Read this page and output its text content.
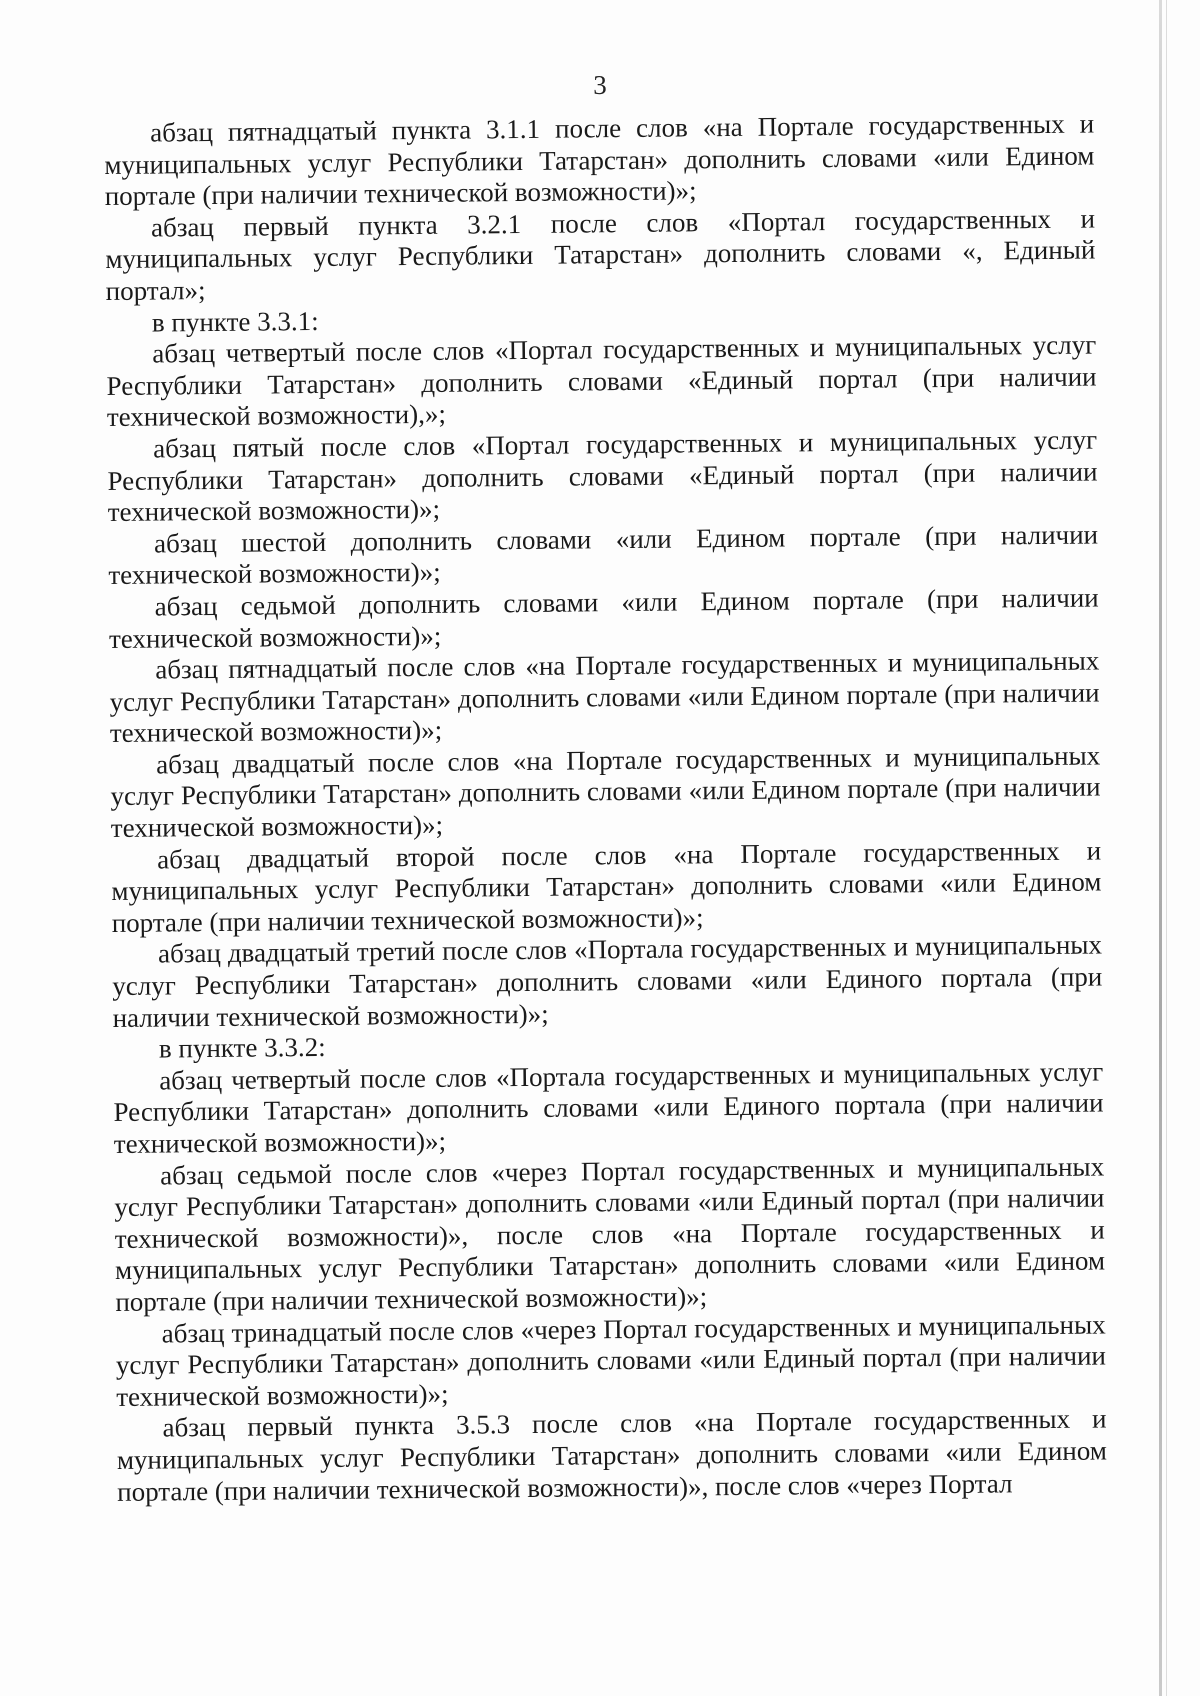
3

абзац пятнадцатый пункта 3.1.1 после слов «на Портале государственных и муниципальных услуг Республики Татарстан» дополнить словами «или Едином портале (при наличии технической возможности)»;

абзац первый пункта 3.2.1 после слов «Портал государственных и муниципальных услуг Республики Татарстан» дополнить словами «, Единый портал»;

в пункте 3.3.1:

абзац четвертый после слов «Портал государственных и муниципальных услуг Республики Татарстан» дополнить словами «Единый портал (при наличии технической возможности),»;

абзац пятый после слов «Портал государственных и муниципальных услуг Республики Татарстан» дополнить словами «Единый портал (при наличии технической возможности)»;

абзац шестой дополнить словами «или Едином портале (при наличии технической возможности)»;

абзац седьмой дополнить словами «или Едином портале (при наличии технической возможности)»;

абзац пятнадцатый после слов «на Портале государственных и муниципальных услуг Республики Татарстан» дополнить словами «или Едином портале (при наличии технической возможности)»;

абзац двадцатый после слов «на Портале государственных и муниципальных услуг Республики Татарстан» дополнить словами «или Едином портале (при наличии технической возможности)»;

абзац двадцатый второй после слов «на Портале государственных и муниципальных услуг Республики Татарстан» дополнить словами «или Едином портале (при наличии технической возможности)»;

абзац двадцатый третий после слов «Портала государственных и муниципальных услуг Республики Татарстан» дополнить словами «или Единого портала (при наличии технической возможности)»;

в пункте 3.3.2:

абзац четвертый после слов «Портала государственных и муниципальных услуг Республики Татарстан» дополнить словами «или Единого портала (при наличии технической возможности)»;

абзац седьмой после слов «через Портал государственных и муниципальных услуг Республики Татарстан» дополнить словами «или Единый портал (при наличии технической возможности)», после слов «на Портале государственных и муниципальных услуг Республики Татарстан» дополнить словами «или Едином портале (при наличии технической возможности)»;

абзац тринадцатый после слов «через Портал государственных и муниципальных услуг Республики Татарстан» дополнить словами «или Единый портал (при наличии технической возможности)»;

абзац первый пункта 3.5.3 после слов «на Портале государственных и муниципальных услуг Республики Татарстан» дополнить словами «или Едином портале (при наличии технической возможности)», после слов «через Портал
